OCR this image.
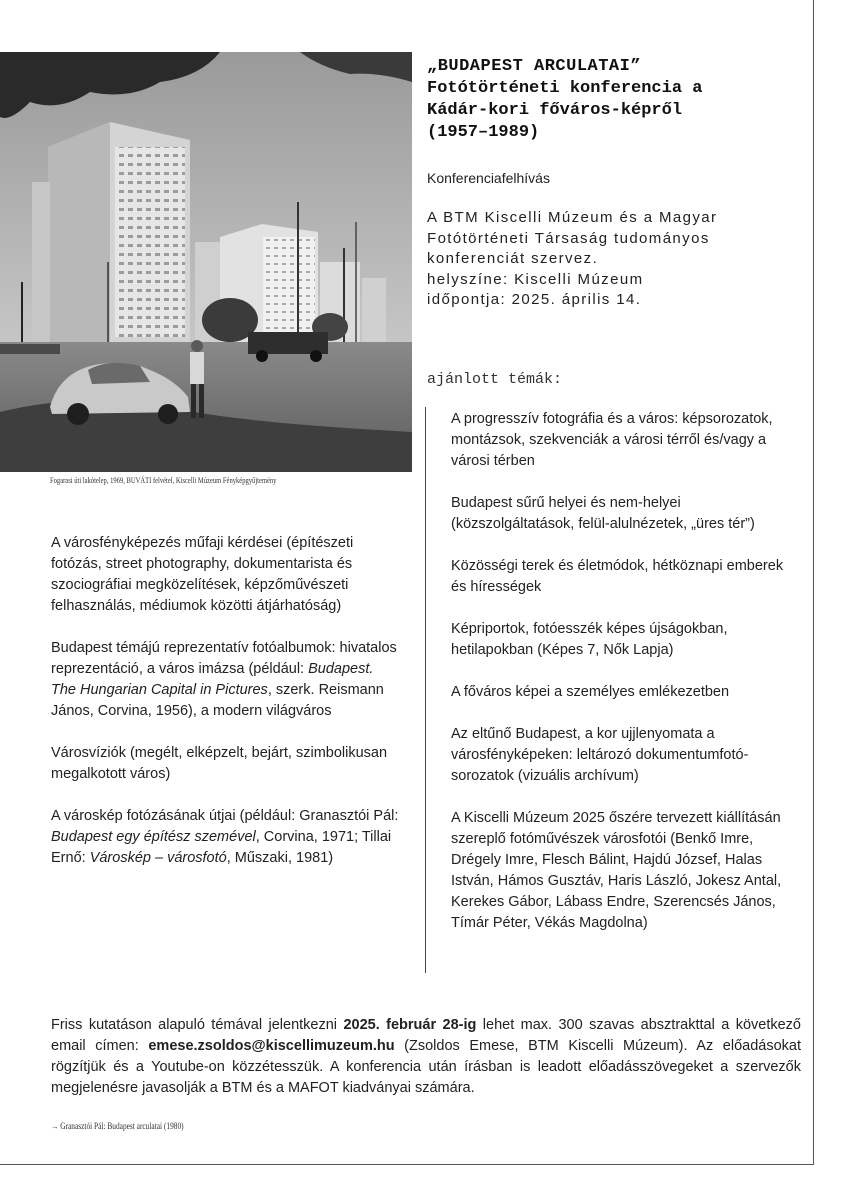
Fogarasi úti lakótelep, 1969, BUVÁTI felvétel, Kiscelli Múzeum Fényképgyűjtemény
„BUDAPEST ARCULATAI”
Fotótörténeti konferencia a
Kádár-kori főváros-képről
(1957–1989)
Konferenciafelhívás
A BTM Kiscelli Múzeum és a Magyar
Fotótörténeti Társaság tudományos
konferenciát szervez.
helyszíne: Kiscelli Múzeum
időpontja: 2025. április 14.
ajánlott témák:

A progresszív fotográfia és a város: képsorozatok, montázsok, szekvenciák a városi térről és/vagy a városi térben

Budapest sűrű helyei és nem-helyei (közszolgáltatások, felül-alulnézetek, „üres tér”)

Közösségi terek és életmódok, hétköznapi emberek és hírességek

Képriportok, fotóesszék képes újságokban, hetilapokban (Képes 7, Nők Lapja)

A főváros képei a személyes emlékezetben

Az eltűnő Budapest, a kor ujjlenyomata a városfényképeken: leltározó dokumentumfotó-sorozatok (vizuális archívum)

A Kiscelli Múzeum 2025 őszére tervezett kiállításán szereplő fotóművészek városfotói (Benkő Imre, Drégely Imre, Flesch Bálint, Hajdú József, Halas István, Hámos Gusztáv, Haris László, Jokesz Antal, Kerekes Gábor, Lábass Endre, Szerencsés János, Tímár Péter, Vékás Magdolna)

A városfényképezés műfaji kérdései (építészeti fotózás, street photography, dokumentarista és szociográfiai megközelítések, képzőművészeti felhasználás, médiumok közötti átjárhatóság)

Budapest témájú reprezentatív fotóalbumok: hivatalos reprezentáció, a város imázsa (például: Budapest. The Hungarian Capital in Pictures, szerk. Reismann János, Corvina, 1956), a modern világváros

Városvíziók (megélt, elképzelt, bejárt, szimbolikusan megalkotott város)

A városkép fotózásának útjai (például: Granasztói Pál: Budapest egy építész szemével, Corvina, 1971; Tillai Ernő: Városkép – városfotó, Műszaki, 1981)

Friss kutatáson alapuló témával jelentkezni 2025. február 28-ig lehet max. 300 szavas absztrakttal a következő email címen: emese.zsoldos@kiscellimuzeum.hu (Zsoldos Emese, BTM Kiscelli Múzeum). Az előadásokat rögzítjük és a Youtube-on közzétesszük. A konferencia után írásban is leadott előadásszövegeket a szervezők megjelenésre javasolják a BTM és a MAFOT kiadványai számára.
→ Granasztói Pál: Budapest arculatai (1980)
